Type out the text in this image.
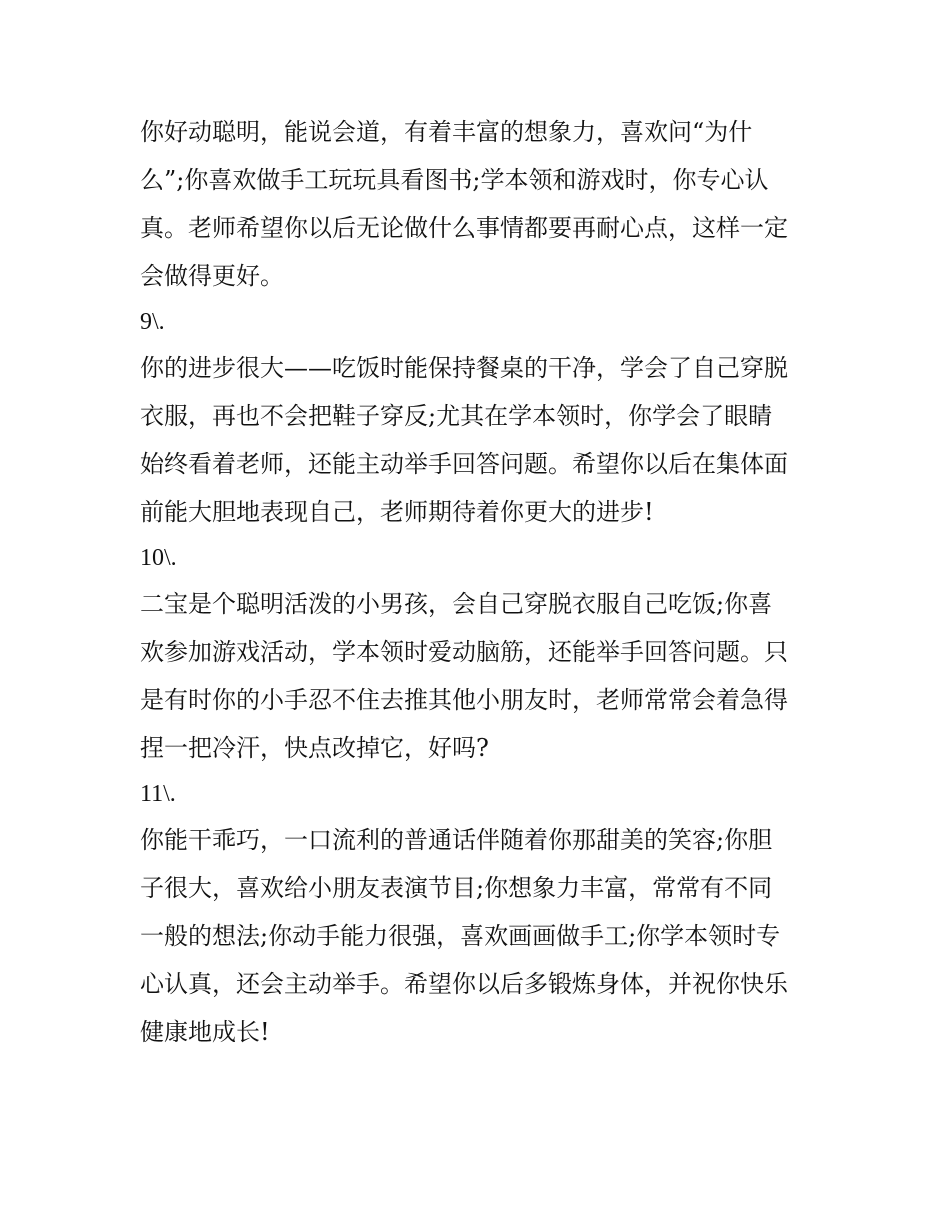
你好动聪明，能说会道，有着丰富的想象力，喜欢问“为什
么”;你喜欢做手工玩玩具看图书;学本领和游戏时，你专心认
真。老师希望你以后无论做什么事情都要再耐心点，这样一定
会做得更好。
9\.
你的进步很大——吃饭时能保持餐桌的干净，学会了自己穿脱
衣服，再也不会把鞋子穿反;尤其在学本领时，你学会了眼睛
始终看着老师，还能主动举手回答问题。希望你以后在集体面
前能大胆地表现自己，老师期待着你更大的进步!
10\.
二宝是个聪明活泼的小男孩，会自己穿脱衣服自己吃饭;你喜
欢参加游戏活动，学本领时爱动脑筋，还能举手回答问题。只
是有时你的小手忍不住去推其他小朋友时，老师常常会着急得
捏一把冷汗，快点改掉它，好吗?
11\.
你能干乖巧，一口流利的普通话伴随着你那甜美的笑容;你胆
子很大，喜欢给小朋友表演节目;你想象力丰富，常常有不同
一般的想法;你动手能力很强，喜欢画画做手工;你学本领时专
心认真，还会主动举手。希望你以后多锻炼身体，并祝你快乐
健康地成长!
